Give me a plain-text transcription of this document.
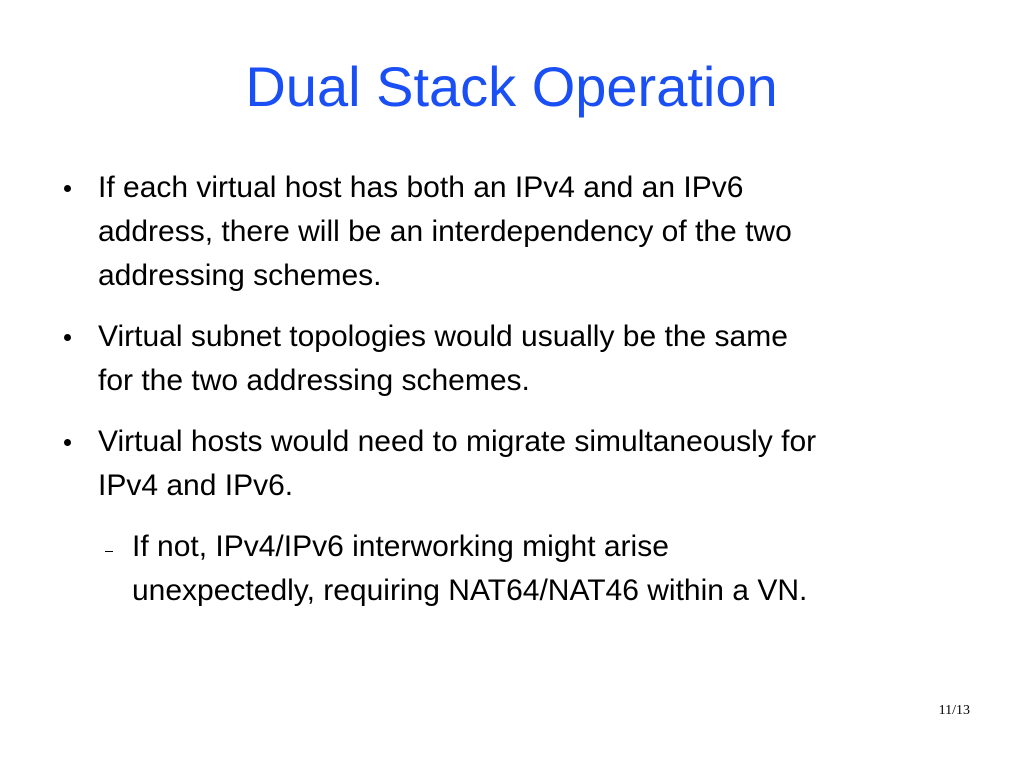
Dual Stack Operation
If each virtual host has both an IPv4 and an IPv6
address, there will be an interdependency of the two
addressing schemes.
Virtual subnet topologies would usually be the same
for the two addressing schemes.
Virtual hosts would need to migrate simultaneously for
IPv4 and IPv6.
If not, IPv4/IPv6 interworking might arise
unexpectedly, requiring NAT64/NAT46 within a VN.
11/13
